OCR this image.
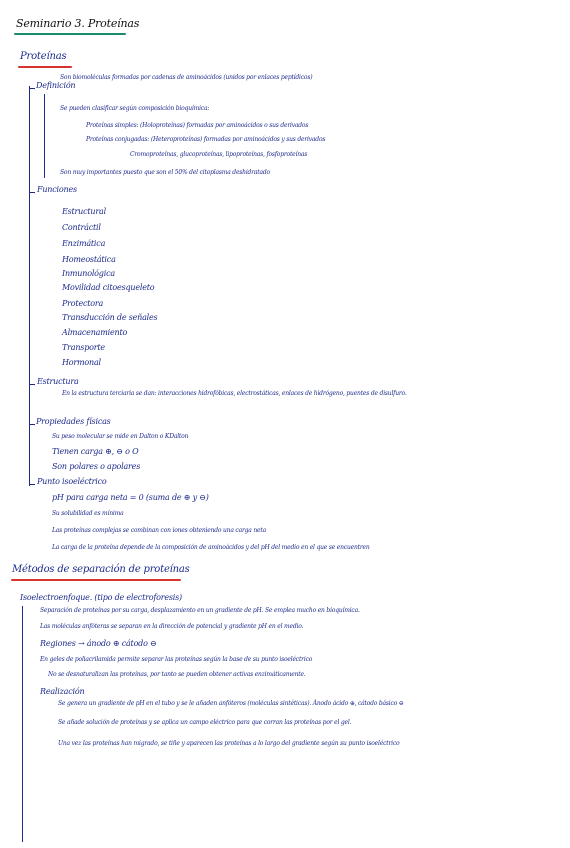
Seminario 3. Proteínas
Proteínas
Definición
Son biomoléculas formadas por cadenas de aminoácidos (unidos por enlaces peptídicos)
Se pueden clasificar según composición bioquímica:
Proteínas simples: (Holoproteínas) formadas por aminoácidos o sus derivados
Proteínas conjugadas: (Heteroproteínas) formadas por aminoácidos y sus derivados
Cromoproteínas, glucoproteínas, lipoproteínas, fosfoproteínas
Son muy importantes puesto que son el 50% del citoplasma deshidratado
Funciones
Estructural
Contráctil
Enzimática
Homeostática
Inmunológica
Movilidad citoesqueleto
Protectora
Transducción de señales
Almacenamiento
Transporte
Hormonal
Estructura
En la estructura terciaria se dan: interacciones hidrofóbicas, electrostáticas, enlaces de hidrógeno, puentes de disulfuro.
Propiedades físicas
Su peso molecular se mide en Dalton o KDalton
Tienen carga ⊕, ⊖ o O
Son polares o apolares
Punto isoeléctrico
pH para carga neta = 0 (suma de ⊕ y ⊖)
Su solubilidad es mínima
Las proteínas complejas se combinan con iones obteniendo una carga neta
La carga de la proteína depende de la composición de aminoácidos y del pH del medio en el que se encuentren
Métodos de separación de proteínas
Isoelectroenfoque. (tipo de electroforesis)
Separación de proteínas por su carga, desplazamiento en un gradiente de pH. Se emplea mucho en bioquímica.
Las moléculas anfóteras se separan en la dirección de potencial y gradiente pH en el medio.
Regiones → ánodo ⊕ cátodo ⊖
En geles de poliacrilamida permite separar las proteínas según la base de su punto isoeléctrico
No se desnaturalizan las proteínas, por tanto se pueden obtener activas enzimáticamente.
Realización
Se genera un gradiente de pH en el tubo y se le añaden anfóteros (moléculas sintéticas). Ánodo ácido ⊕, cátodo básico ⊖
Se añade solución de proteínas y se aplica un campo eléctrico para que corran las proteínas por el gel.
Una vez las proteínas han migrado, se tiñe y aparecen las proteínas a lo largo del gradiente según su punto isoeléctrico
